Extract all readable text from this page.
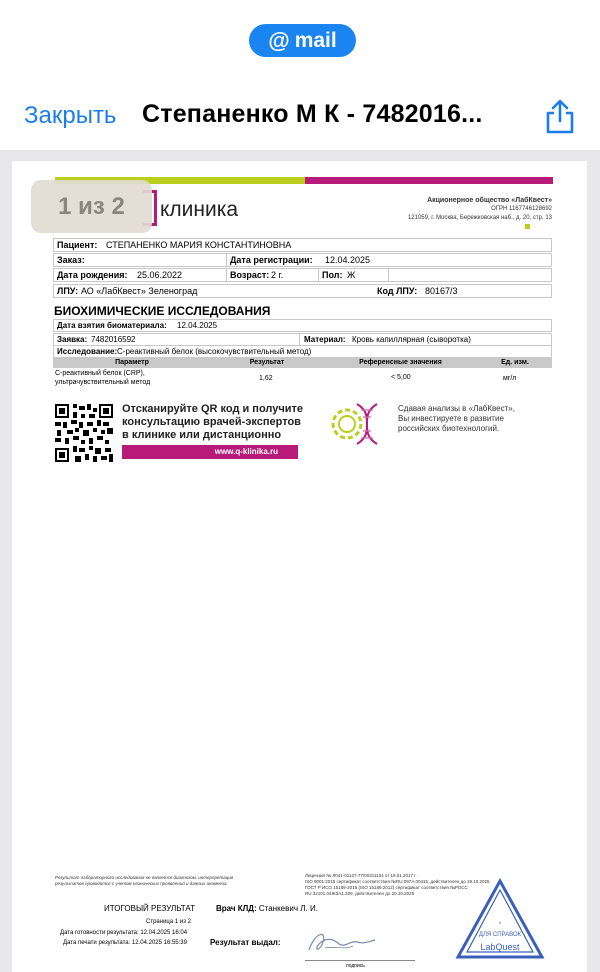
@ mail
Закрыть Степаненко М К - 7482016...
1 из 2	клиника	Акционерное общество «ЛабКвест»
ОГРН 1167746128692
121059, г. Москва, Бережковская наб., д. 20, стр. 13
Пациент: СТЕПАНЕНКО МАРИЯ КОНСТАНТИНОВНА
Заказ:	Дата регистрации:	12.04.2025
Дата рождения:	25.06.2022	Возраст: 2 г.	Пол: Ж
ЛПУ: АО «ЛабКвест» Зеленоград	Код ЛПУ: 80167/3
БИОХИМИЧЕСКИЕ ИССЛЕДОВАНИЯ
Дата взятия биоматериала:	12.04.2025
Заявка: 7482016592	Материал: Кровь капиллярная (сыворотка)
Исследование: С-реактивный белок (высокочувствительный метод)
Параметр	Результат	Референсные значения	Ед. изм.
С-реактивный белок (CRP),
ультрачувствительный метод
1,62	< 5,00	мг/л
Отсканируйте QR код и получите
консультацию врачей-экспертов
в клинике или дистанционно
www.q-klinika.ru
Сдавая анализы в «ЛабКвест»,
Вы инвестируете в развитие
российских биотехнологий.
Результат лабораторного исследования не является диагнозом, интерпретация
результатов проводится с учетом клинических проявлений и данных анамнеза.
Лицензия № Л041-01137-77/00311104 от 19.01.2017 г.
ISO 9001:2015 сертификат соответствия №RU.097А.00415, действителен до 19.10.2025
ГОСТ Р ИСО 15189-2015 (ISO 15189:2012) сертификат соответствия №РОСС
RU.32101.04ЖЗА1.209, действителен до 20.10.2025
ИТОГОВЫЙ РЕЗУЛЬТАТ	Врач КЛД: Станкевич Л. И.
Страница 1 из 2
Дата готовности результата: 12.04.2025 16:04
Дата печати результата: 12.04.2025 16:55:39	Результат выдал:
подпись
*
ДЛЯ СПРАВОК
LabQuest
